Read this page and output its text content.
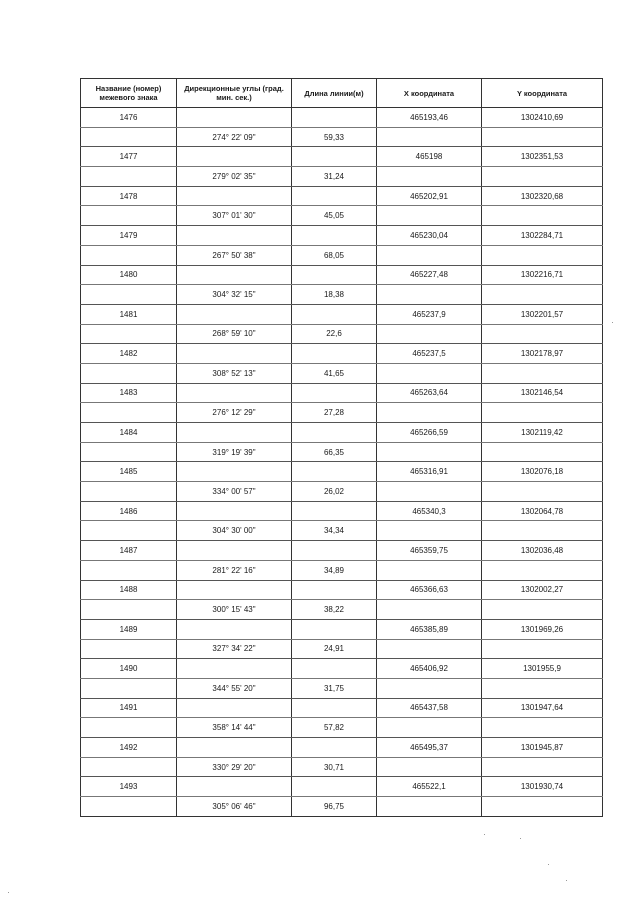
Название (номер) межевого знака	Дирекционные углы (град. мин. сек.)	Длина линии(м)	X координата	Y координата
1476			465193,46	1302410,69
	274° 22' 09"	59,33		
1477			465198	1302351,53
	279° 02' 35"	31,24		
1478			465202,91	1302320,68
	307° 01' 30"	45,05		
1479			465230,04	1302284,71
	267° 50' 38"	68,05		
1480			465227,48	1302216,71
	304° 32' 15"	18,38		
1481			465237,9	1302201,57
	268° 59' 10"	22,6		
1482			465237,5	1302178,97
	308° 52' 13"	41,65		
1483			465263,64	1302146,54
	276° 12' 29"	27,28		
1484			465266,59	1302119,42
	319° 19' 39"	66,35		
1485			465316,91	1302076,18
	334° 00' 57"	26,02		
1486			465340,3	1302064,78
	304° 30' 00"	34,34		
1487			465359,75	1302036,48
	281° 22' 16"	34,89		
1488			465366,63	1302002,27
	300° 15' 43"	38,22		
1489			465385,89	1301969,26
	327° 34' 22"	24,91		
1490			465406,92	1301955,9
	344° 55' 20"	31,75		
1491			465437,58	1301947,64
	358° 14' 44"	57,82		
1492			465495,37	1301945,87
	330° 29' 20"	30,71		
1493			465522,1	1301930,74
	305° 06' 46"	96,75		
